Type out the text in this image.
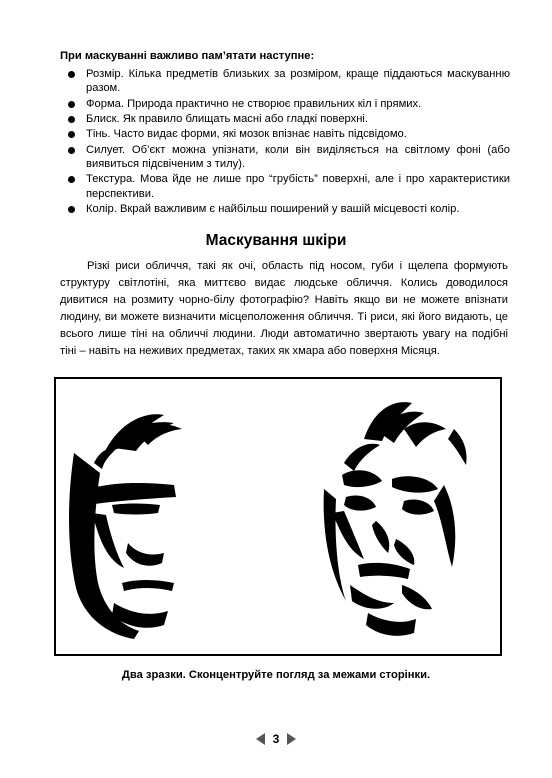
При маскуванні важливо пам’ятати наступне:
Розмір. Кілька предметів близьких за розміром, краще піддаються маскуванню разом.
Форма. Природа практично не створює правильних кіл і прямих.
Блиск. Як правило блищать масні або гладкі поверхні.
Тінь. Часто видає форми, які мозок впізнає навіть підсвідомо.
Силует. Об’єкт можна упізнати, коли він виділяється на світлому фоні (або виявиться підсвіченим з тилу).
Текстура. Мова йде не лише про “грубість” поверхні, але і про характеристики перспективи.
Колір. Вкрай важливим є найбільш поширений у вашій місцевості колір.
Маскування шкіри

Різкі риси обличчя, такі як очі, область під носом, губи і щелепа формують структуру світлотіні, яка миттєво видає людське обличчя. Колись доводилося дивитися на розмиту чорно-білу фотографію? Навіть якщо ви не можете впізнати людину, ви можете визначити місцеположення обличчя. Ті риси, які його видають, це всього лише тіні на обличчі людини. Люди автоматично звертають увагу на подібні тіні – навіть на неживих предметах, таких як хмара або поверхня Місяця.

Два зразки. Сконцентруйте погляд за межами сторінки.
3
